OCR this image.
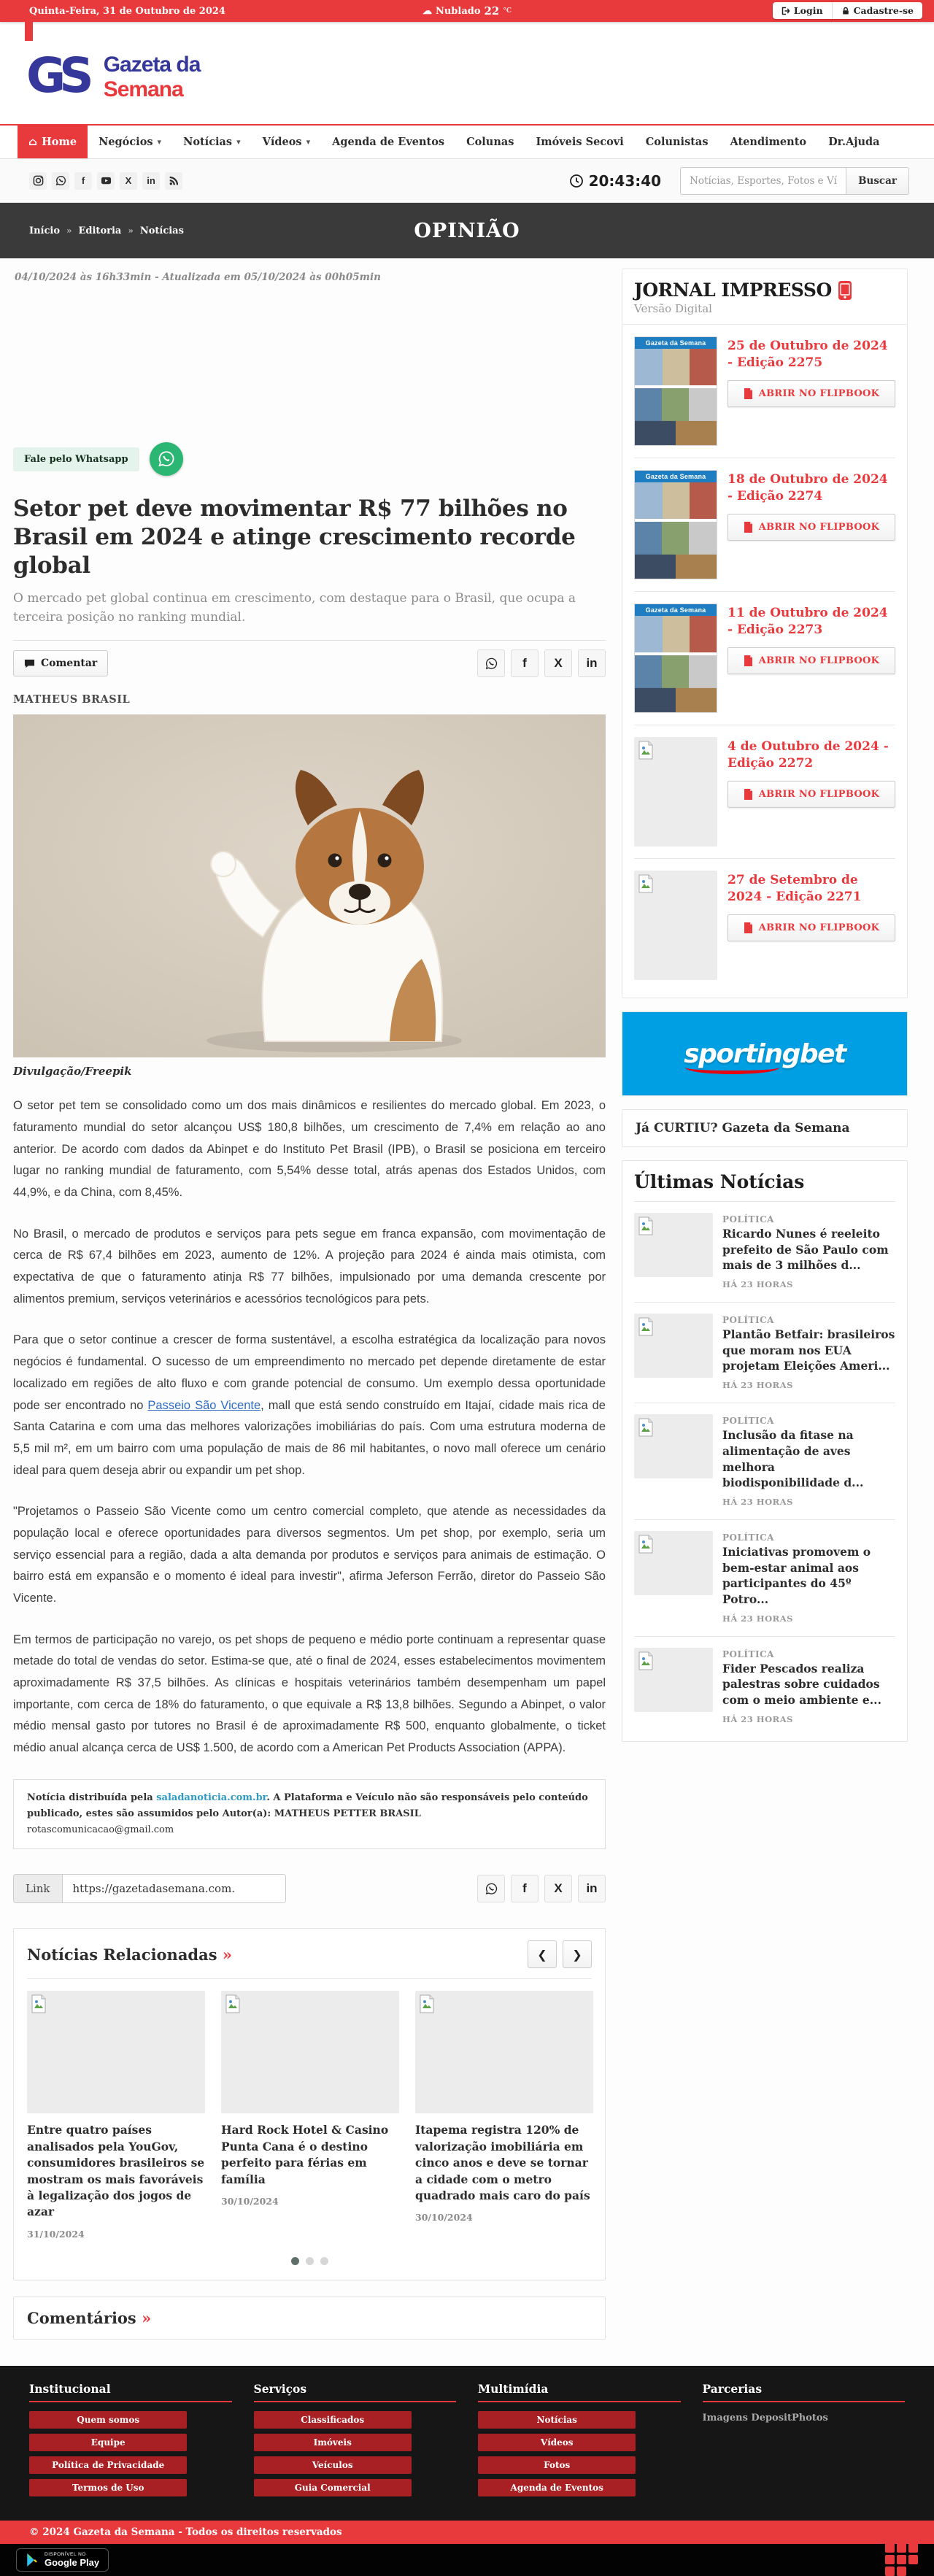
Quinta-Feira, 31 de Outubro de 2024	☁ Nublado 22 °C	Login	Cadastre-se
GS Gazeta da
Semana
⌂ Home Negócios ▾ Notícias ▾ Vídeos ▾ Agenda de Eventos Colunas Imóveis Secovi Colunistas Atendimento Dr.Ajuda
f	X in	20:43:40
Notícias, Esportes, Fotos e Vídeos	Buscar
Início » Editoria » Notícias	OPINIÃO

04/10/2024 às 16h33min - Atualizada em 05/10/2024 às 00h05min

Fale pelo Whatsapp
Setor pet deve movimentar R$ 77 bilhões no Brasil em 2024 e atinge crescimento recorde global

O mercado pet global continua em crescimento, com destaque para o Brasil, que ocupa a terceira posição no ranking mundial.

Comentar	f X in

MATHEUS BRASIL

Divulgação/Freepik

O setor pet tem se consolidado como um dos mais dinâmicos e resilientes do mercado global. Em 2023, o faturamento mundial do setor alcançou US$ 180,8 bilhões, um crescimento de 7,4% em relação ao ano anterior. De acordo com dados da Abinpet e do Instituto Pet Brasil (IPB), o Brasil se posiciona em terceiro lugar no ranking mundial de faturamento, com 5,54% desse total, atrás apenas dos Estados Unidos, com 44,9%, e da China, com 8,45%.

No Brasil, o mercado de produtos e serviços para pets segue em franca expansão, com movimentação de cerca de R$ 67,4 bilhões em 2023, aumento de 12%. A projeção para 2024 é ainda mais otimista, com expectativa de que o faturamento atinja R$ 77 bilhões, impulsionado por uma demanda crescente por alimentos premium, serviços veterinários e acessórios tecnológicos para pets.

Para que o setor continue a crescer de forma sustentável, a escolha estratégica da localização para novos negócios é fundamental. O sucesso de um empreendimento no mercado pet depende diretamente de estar localizado em regiões de alto fluxo e com grande potencial de consumo. Um exemplo dessa oportunidade pode ser encontrado no Passeio São Vicente, mall que está sendo construído em Itajaí, cidade mais rica de Santa Catarina e com uma das melhores valorizações imobiliárias do país. Com uma estrutura moderna de 5,5 mil m², em um bairro com uma população de mais de 86 mil habitantes, o novo mall oferece um cenário ideal para quem deseja abrir ou expandir um pet shop.

"Projetamos o Passeio São Vicente como um centro comercial completo, que atende as necessidades da população local e oferece oportunidades para diversos segmentos. Um pet shop, por exemplo, seria um serviço essencial para a região, dada a alta demanda por produtos e serviços para animais de estimação. O bairro está em expansão e o momento é ideal para investir", afirma Jeferson Ferrão, diretor do Passeio São Vicente.

Em termos de participação no varejo, os pet shops de pequeno e médio porte continuam a representar quase metade do total de vendas do setor. Estima-se que, até o final de 2024, esses estabelecimentos movimentem aproximadamente R$ 37,5 bilhões. As clínicas e hospitais veterinários também desempenham um papel importante, com cerca de 18% do faturamento, o que equivale a R$ 13,8 bilhões. Segundo a Abinpet, o valor médio mensal gasto por tutores no Brasil é de aproximadamente R$ 500, enquanto globalmente, o ticket médio anual alcança cerca de US$ 1.500, de acordo com a American Pet Products Association (APPA).

Notícia distribuída pela saladanoticia.com.br. A Plataforma e Veículo não são responsáveis pelo conteúdo publicado, estes são assumidos pelo Autor(a): MATHEUS PETTER BRASIL
rotascomunicacao@gmail.com
Link
https://gazetadasemana.com.	f X in
Notícias Relacionadas »	❮	❯
Entre quatro países analisados pela YouGov, consumidores brasileiros se mostram os mais favoráveis à legalização dos jogos de azar
31/10/2024
Hard Rock Hotel & Casino Punta Cana é o destino perfeito para férias em família
30/10/2024
Itapema registra 120% de valorização imobiliária em cinco anos e deve se tornar a cidade com o metro quadrado mais caro do país
30/10/2024
Comentários »
JORNAL IMPRESSO

Versão Digital

Gazeta da Semana	25 de Outubro de 2024 - Edição 2275
ABRIR NO FLIPBOOK
Gazeta da Semana	18 de Outubro de 2024 - Edição 2274
ABRIR NO FLIPBOOK
Gazeta da Semana	11 de Outubro de 2024 - Edição 2273
ABRIR NO FLIPBOOK
4 de Outubro de 2024 - Edição 2272
ABRIR NO FLIPBOOK
27 de Setembro de 2024 - Edição 2271
ABRIR NO FLIPBOOK
sportingbet
Já CURTIU? Gazeta da Semana
Últimas Notícias
POLÍTICA
Ricardo Nunes é reeleito prefeito de São Paulo com mais de 3 milhões d...
HÁ 23 HORAS
POLÍTICA
Plantão Betfair: brasileiros que moram nos EUA projetam Eleições Ameri...
HÁ 23 HORAS
POLÍTICA
Inclusão da fitase na alimentação de aves melhora biodisponibilidade d...
HÁ 23 HORAS
POLÍTICA
Iniciativas promovem o bem-estar animal aos participantes do 45º Potro...
HÁ 23 HORAS
POLÍTICA
Fider Pescados realiza palestras sobre cuidados com o meio ambiente e...
HÁ 23 HORAS
Institucional
Quem somos
Equipe
Política de Privacidade
Termos de Uso
Serviços
Classificados
Imóveis
Veículos
Guia Comercial
Multimídia
Notícias
Vídeos
Fotos
Agenda de Eventos
Parcerias
Imagens DepositPhotos
© 2024 Gazeta da Semana - Todos os direitos reservados
DISPONÍVEL NO
Google Play
